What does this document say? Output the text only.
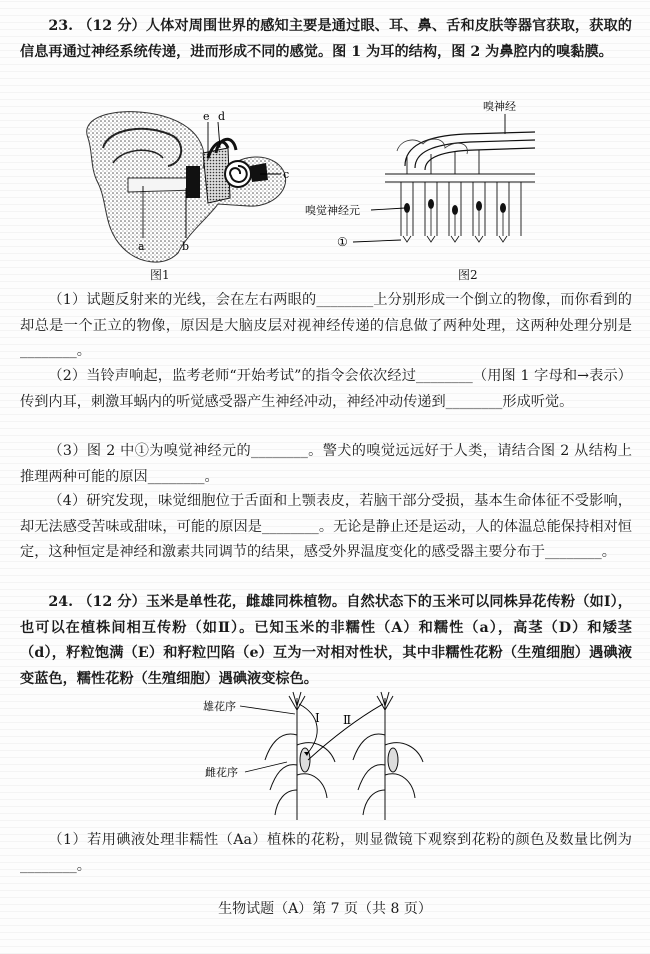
23. （12 分）人体对周围世界的感知主要是通过眼、耳、鼻、舌和皮肤等器官获取，获取的信息再通过神经系统传递，进而形成不同的感觉。图 1 为耳的结构，图 2 为鼻腔内的嗅黏膜。
a	b
c
e d
图1
嗅神经
嗅觉神经元
①
图2
（1）试题反射来的光线，会在左右两眼的________上分别形成一个倒立的物像，而你看到的却总是一个正立的物像，原因是大脑皮层对视神经传递的信息做了两种处理，这两种处理分别是________。
（2）当铃声响起，监考老师“开始考试”的指令会依次经过________（用图 1 字母和→表示）传到内耳，刺激耳蜗内的听觉感受器产生神经冲动，神经冲动传递到________形成听觉。
（3）图 2 中①为嗅觉神经元的________。警犬的嗅觉远远好于人类，请结合图 2 从结构上推理两种可能的原因________。
（4）研究发现，味觉细胞位于舌面和上颚表皮，若脑干部分受损，基本生命体征不受影响，却无法感受苦味或甜味，可能的原因是________。无论是静止还是运动，人的体温总能保持相对恒定，这种恒定是神经和激素共同调节的结果，感受外界温度变化的感受器主要分布于________。
24. （12 分）玉米是单性花，雌雄同株植物。自然状态下的玉米可以同株异花传粉（如Ⅰ），也可以在植株间相互传粉（如Ⅱ）。已知玉米的非糯性（A）和糯性（a），高茎（D）和矮茎（d），籽粒饱满（E）和籽粒凹陷（e）互为一对相对性状，其中非糯性花粉（生殖细胞）遇碘液变蓝色，糯性花粉（生殖细胞）遇碘液变棕色。
雄花序
雌花序
Ⅰ Ⅱ
（1）若用碘液处理非糯性（Aa）植株的花粉，则显微镜下观察到花粉的颜色及数量比例为________。
生物试题（A）第 7 页（共 8 页）
